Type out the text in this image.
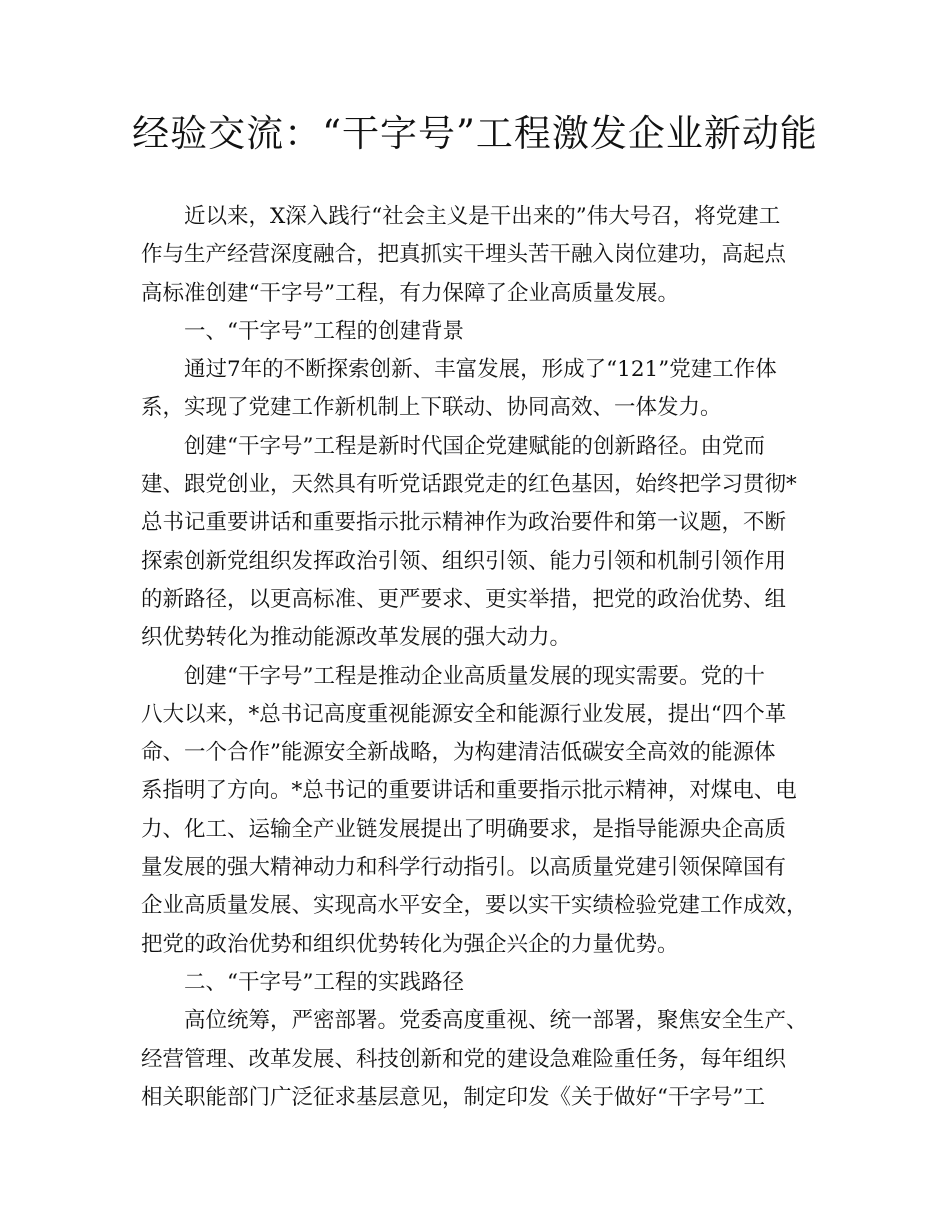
经验交流：“干字号”工程激发企业新动能
近以来，X深入践行“社会主义是干出来的”伟大号召，将党建工
作与生产经营深度融合，把真抓实干埋头苦干融入岗位建功，高起点
高标准创建“干字号”工程，有力保障了企业高质量发展。
一、“干字号”工程的创建背景
通过7年的不断探索创新、丰富发展，形成了“121”党建工作体
系，实现了党建工作新机制上下联动、协同高效、一体发力。
创建“干字号”工程是新时代国企党建赋能的创新路径。由党而
建、跟党创业，天然具有听党话跟党走的红色基因，始终把学习贯彻*
总书记重要讲话和重要指示批示精神作为政治要件和第一议题，不断
探索创新党组织发挥政治引领、组织引领、能力引领和机制引领作用
的新路径，以更高标准、更严要求、更实举措，把党的政治优势、组
织优势转化为推动能源改革发展的强大动力。
创建“干字号”工程是推动企业高质量发展的现实需要。党的十
八大以来，*总书记高度重视能源安全和能源行业发展，提出“四个革
命、一个合作”能源安全新战略，为构建清洁低碳安全高效的能源体
系指明了方向。*总书记的重要讲话和重要指示批示精神，对煤电、电
力、化工、运输全产业链发展提出了明确要求，是指导能源央企高质
量发展的强大精神动力和科学行动指引。以高质量党建引领保障国有
企业高质量发展、实现高水平安全，要以实干实绩检验党建工作成效，
把党的政治优势和组织优势转化为强企兴企的力量优势。
二、“干字号”工程的实践路径
高位统筹，严密部署。党委高度重视、统一部署，聚焦安全生产、
经营管理、改革发展、科技创新和党的建设急难险重任务，每年组织
相关职能部门广泛征求基层意见，制定印发《关于做好“干字号”工
